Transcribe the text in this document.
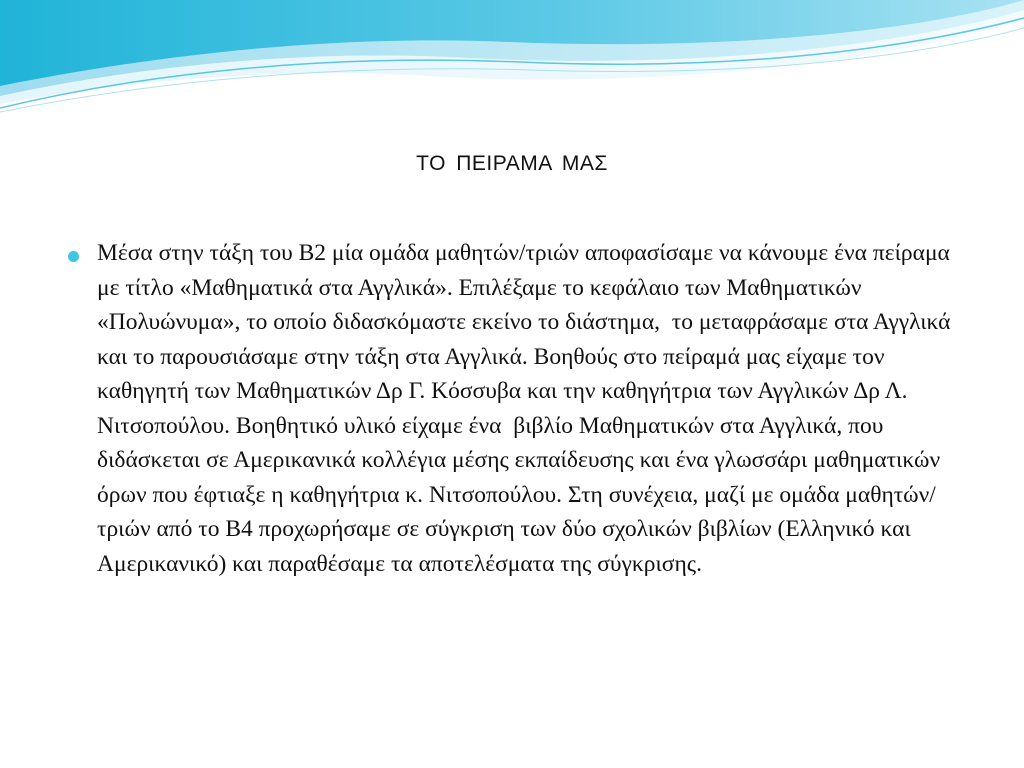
ΤΟ ΠΕΙΡΑΜΑ ΜΑΣ

Μέσα στην τάξη του Β2 μία ομάδα μαθητών/τριών αποφασίσαμε να κάνουμε ένα πείραμα με τίτλο «Μαθηματικά στα Αγγλικά». Επιλέξαμε το κεφάλαιο των Μαθηματικών «Πολυώνυμα», το οποίο διδασκόμαστε εκείνο το διάστημα,  το μεταφράσαμε στα Αγγλικά και το παρουσιάσαμε στην τάξη στα Αγγλικά. Βοηθούς στο πείραμά μας είχαμε τον καθηγητή των Μαθηματικών Δρ Γ. Κόσσυβα και την καθηγήτρια των Αγγλικών Δρ Λ. Νιτσοπούλου. Βοηθητικό υλικό είχαμε ένα  βιβλίο Μαθηματικών στα Αγγλικά, που διδάσκεται σε Αμερικανικά κολλέγια μέσης εκπαίδευσης και ένα γλωσσάρι μαθηματικών όρων που έφτιαξε η καθηγήτρια κ. Νιτσοπούλου. Στη συνέχεια, μαζί με ομάδα μαθητών/τριών από το Β4 προχωρήσαμε σε σύγκριση των δύο σχολικών βιβλίων (Ελληνικό και Αμερικανικό) και παραθέσαμε τα αποτελέσματα της σύγκρισης.
